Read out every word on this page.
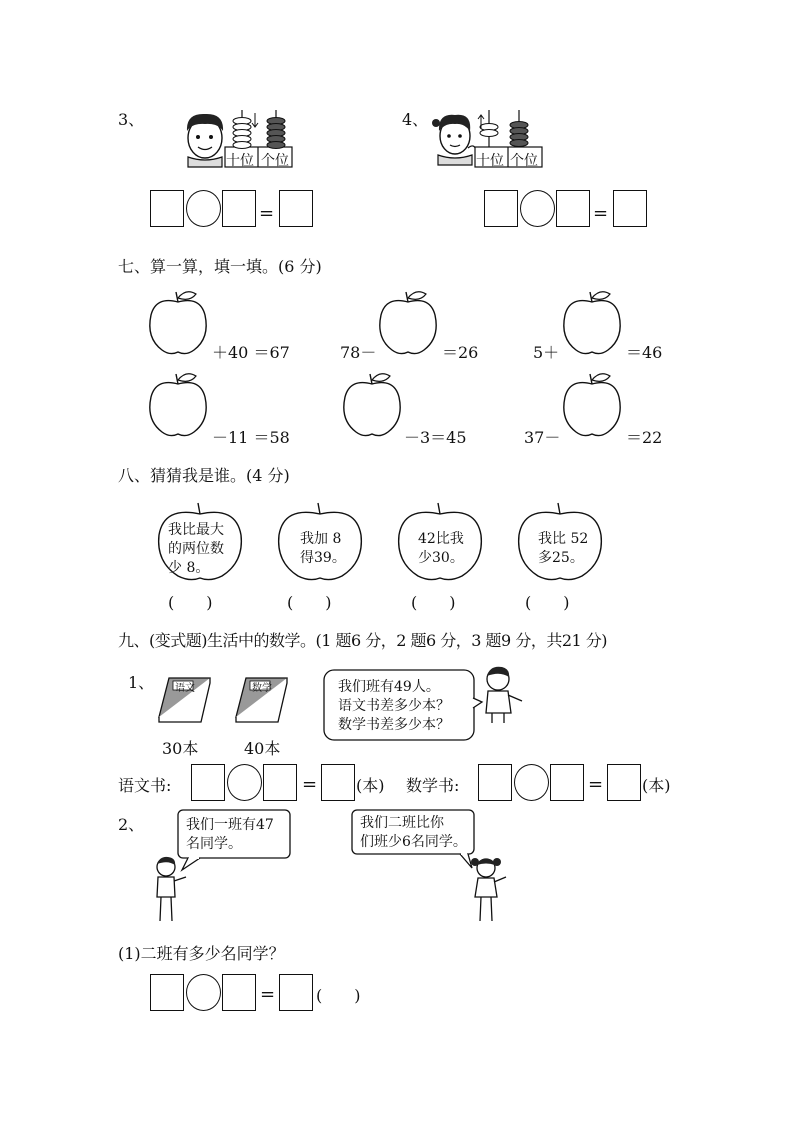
3、
十位 个位
4、
十位 个位
=	=
七、算一算，填一填。(6 分)
＋40 ＝67	78－	＝26	5＋	＝46
－11 ＝58	－3＝45	37－	＝22
八、猜猜我是谁。(4 分)
我比最大
的两位数
少 8。
我加 8
得39。
42比我
少30。
我比 52
多25。
(　　)	(　　)	(　　)	(　　)
九、(变式题)生活中的数学。(1 题6 分，2 题6 分，3 题9 分，共21 分)
1、 语文	数学
30本	40本
我们班有49人。
语文书差多少本？
数学书差多少本？
语文书:	= (本) 数学书:	= (本)
2、	我们一班有47
名同学。
我们二班比你
们班少6名同学。
(1)二班有多少名同学？
=	(　　)
